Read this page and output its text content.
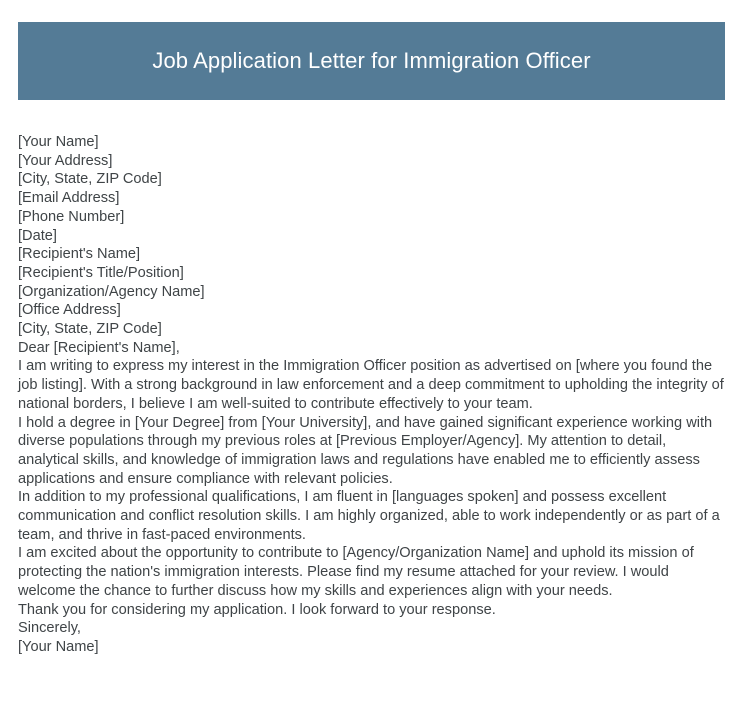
Job Application Letter for Immigration Officer
[Your Name]
[Your Address]
[City, State, ZIP Code]
[Email Address]
[Phone Number]
[Date]
[Recipient's Name]
[Recipient's Title/Position]
[Organization/Agency Name]
[Office Address]
[City, State, ZIP Code]
Dear [Recipient's Name],
I am writing to express my interest in the Immigration Officer position as advertised on [where you found the job listing]. With a strong background in law enforcement and a deep commitment to upholding the integrity of national borders, I believe I am well-suited to contribute effectively to your team.
I hold a degree in [Your Degree] from [Your University], and have gained significant experience working with diverse populations through my previous roles at [Previous Employer/Agency]. My attention to detail, analytical skills, and knowledge of immigration laws and regulations have enabled me to efficiently assess applications and ensure compliance with relevant policies.
In addition to my professional qualifications, I am fluent in [languages spoken] and possess excellent communication and conflict resolution skills. I am highly organized, able to work independently or as part of a team, and thrive in fast-paced environments.
I am excited about the opportunity to contribute to [Agency/Organization Name] and uphold its mission of protecting the nation's immigration interests. Please find my resume attached for your review. I would welcome the chance to further discuss how my skills and experiences align with your needs.
Thank you for considering my application. I look forward to your response.
Sincerely,
[Your Name]
